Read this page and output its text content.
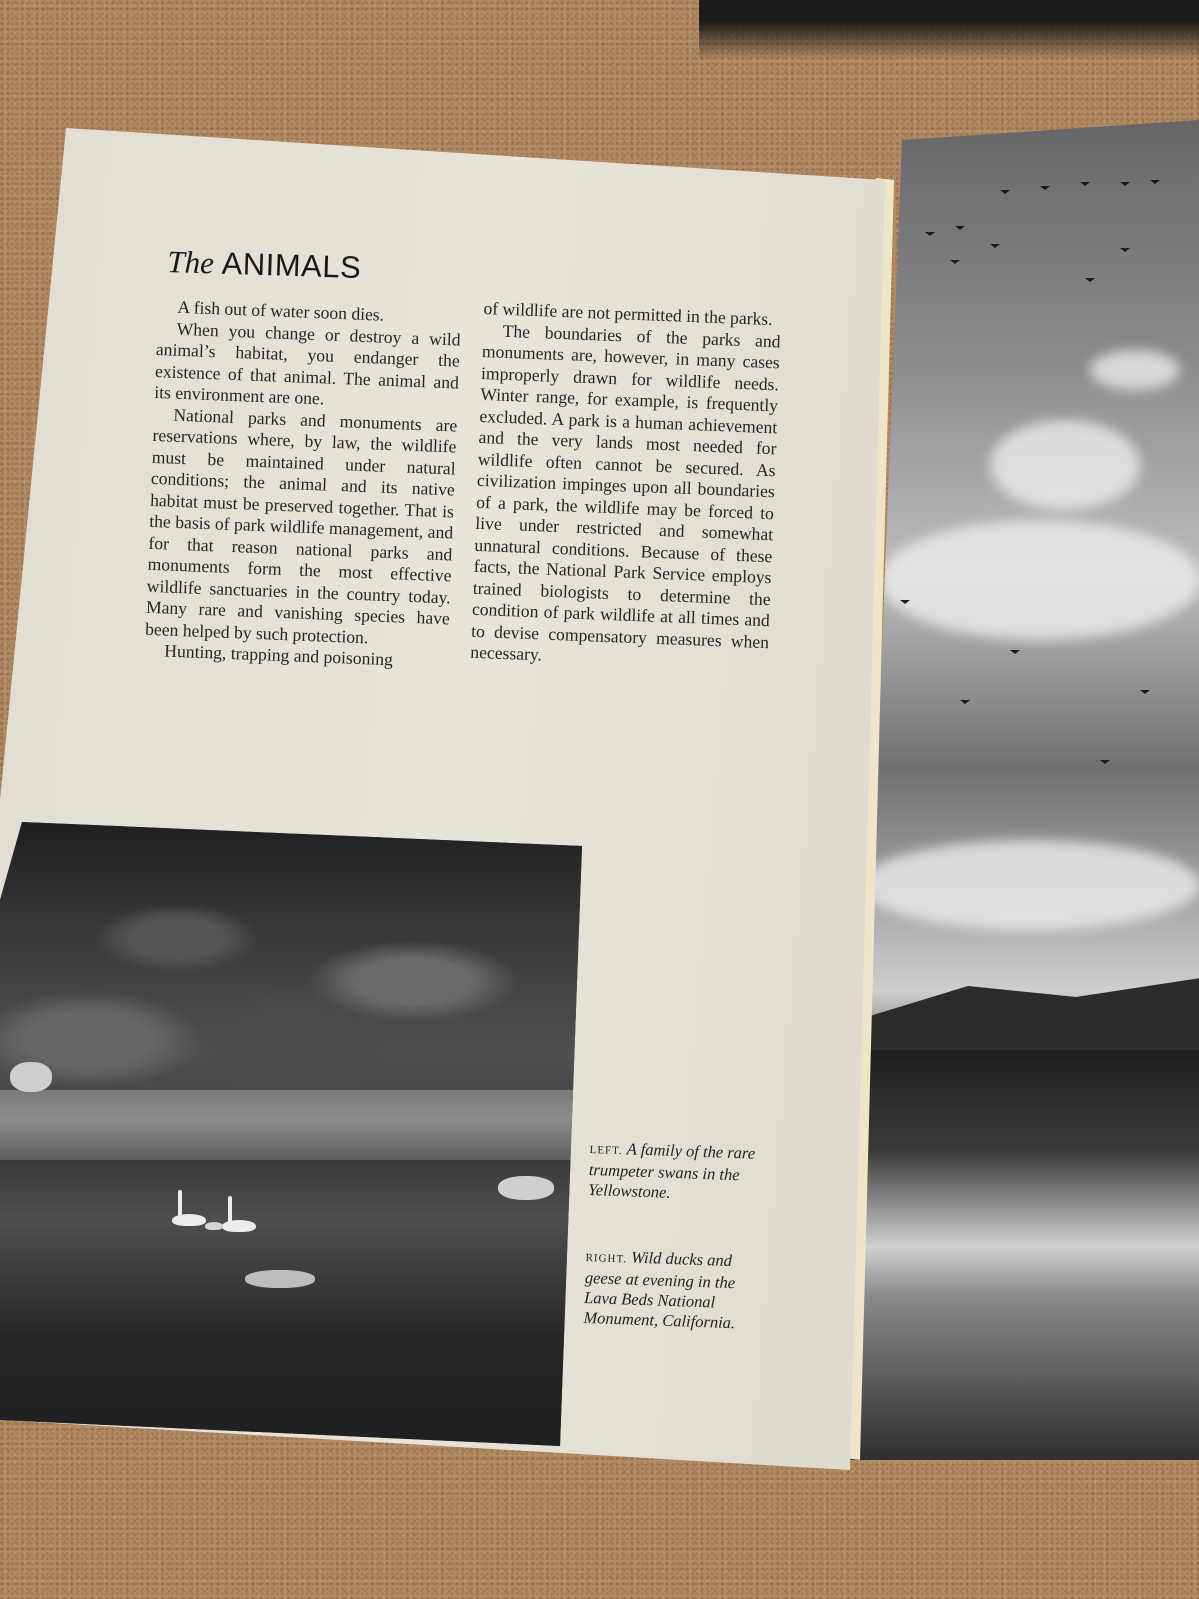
The ANIMALS

A fish out of water soon dies.

When you change or destroy a wild animal’s habitat, you endanger the existence of that animal. The animal and its environment are one.

National parks and monuments are reservations where, by law, the wildlife must be maintained under natural conditions; the animal and its native habitat must be preserved together. That is the basis of park wildlife management, and for that reason national parks and monuments form the most effective wildlife sanctuaries in the country today. Many rare and vanishing species have been helped by such protection.

Hunting, trapping and poisoning

of wildlife are not permitted in the parks.

The boundaries of the parks and monuments are, however, in many cases improperly drawn for wildlife needs. Winter range, for example, is frequently excluded. A park is a human achievement and the very lands most needed for wildlife often cannot be secured. As civilization impinges upon all boundaries of a park, the wildlife may be forced to live under restricted and somewhat unnatural conditions. Because of these facts, the National Park Service employs trained biologists to determine the condition of park wildlife at all times and to devise compensatory measures when necessary.

LEFT. A family of the rare trumpeter swans in the Yellowstone.
RIGHT. Wild ducks and geese at evening in the Lava Beds National Monument, California.
